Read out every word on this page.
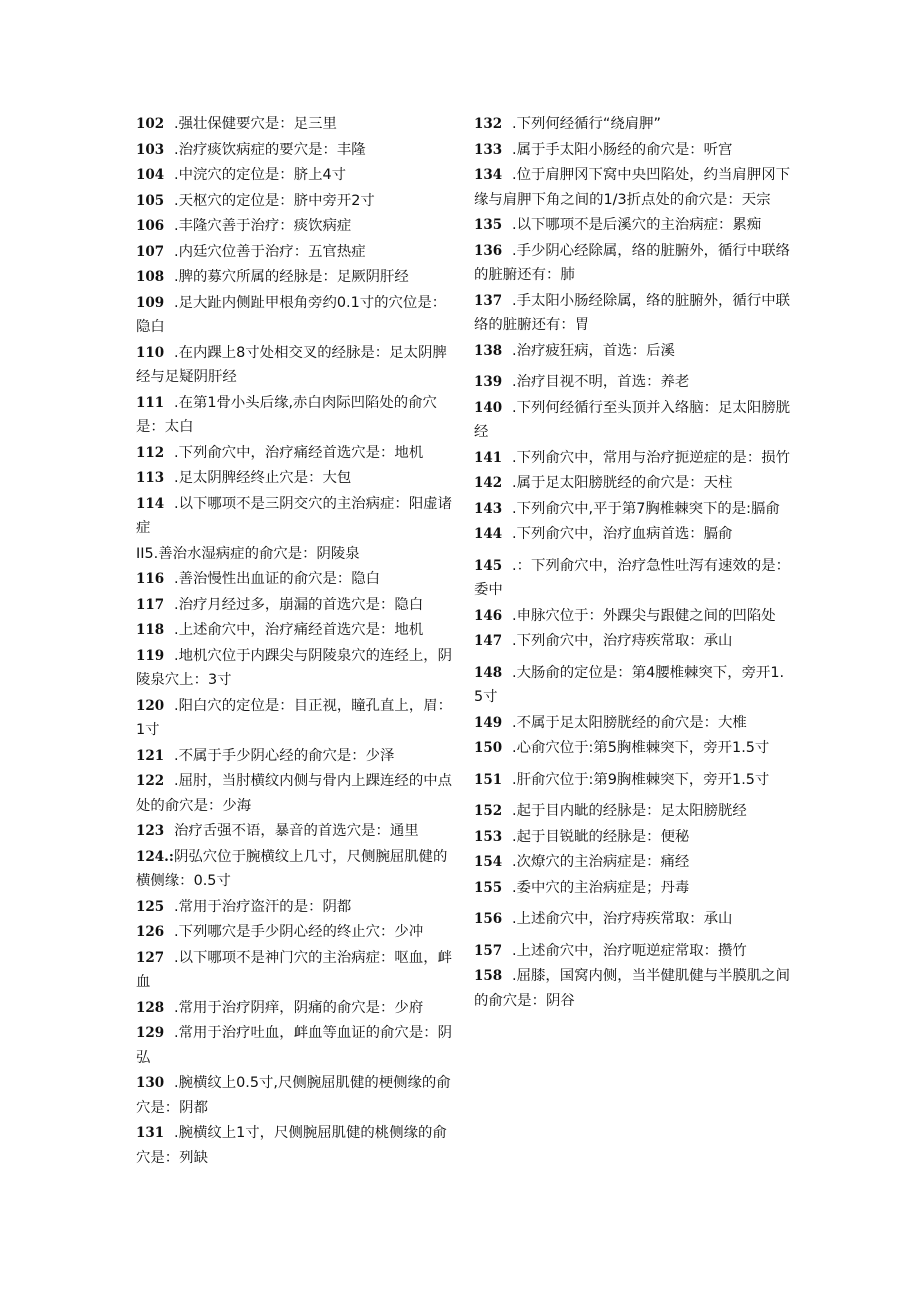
102 .强壮保健要穴是：足三里
103 .治疗痰饮病症的要穴是：丰隆
104 .中浣穴的定位是：脐上4寸
105 .天枢穴的定位是：脐中旁开2寸
106 .丰隆穴善于治疗：痰饮病症
107 .内廷穴位善于治疗：五官热症
108 .脾的募穴所属的经脉是：足厥阴肝经
109 .足大趾内侧趾甲根角旁约0.1寸的穴位是：隐白
110 .在内踝上8寸处相交叉的经脉是：足太阴脾经与足疑阴肝经
111 .在第1骨小头后缘,赤白肉际凹陷处的俞穴是：太白
112 .下列俞穴中，治疗痛经首选穴是：地机
113 .足太阴脾经终止穴是：大包
114 .以下哪项不是三阴交穴的主治病症：阳虚诸症
II5.善治水湿病症的俞穴是：阴陵泉
116 .善治慢性出血证的俞穴是：隐白
117 .治疗月经过多，崩漏的首选穴是：隐白
118 .上述俞穴中，治疗痛经首选穴是：地机
119 .地机穴位于内踝尖与阴陵泉穴的连经上，阴陵泉穴上：3寸
120 .阳白穴的定位是：目正视，瞳孔直上，眉：1寸
121 .不属于手少阴心经的俞穴是：少泽
122 .屈肘，当肘横纹内侧与骨内上踝连经的中点处的俞穴是：少海
123 治疗舌强不语，暴音的首选穴是：通里
124.:阴弘穴位于腕横纹上几寸，尺侧腕屈肌健的横侧缘：0.5寸
125 .常用于治疗盗汗的是：阴都
126 .下列哪穴是手少阴心经的终止穴：少冲
127 .以下哪项不是神门穴的主治病症：呕血，衅血
128 .常用于治疗阴痒，阴痛的俞穴是：少府
129 .常用于治疗吐血，衅血等血证的俞穴是：阴弘
130 .腕横纹上0.5寸,尺侧腕屈肌健的梗侧缘的俞穴是：阴都
131 .腕横纹上1寸，尺侧腕屈肌健的桃侧缘的俞穴是：列缺
132 .下列何经循行“绕肩胛”
133 .属于手太阳小肠经的俞穴是：听宫
134 .位于肩胛冈下窝中央凹陷处，约当肩胛冈下缘与肩胛下角之间的1/3折点处的俞穴是：天宗
135 .以下哪项不是后溪穴的主治病症：累痴
136 .手少阴心经除属，络的脏腑外，循行中联络的脏腑还有：肺
137 .手太阳小肠经除属，络的脏腑外，循行中联络的脏腑还有：胃
138 .治疗疲狂病，首选：后溪
139 .治疗目视不明，首选：养老
140 .下列何经循行至头顶并入络脑：足太阳膀胱经
141 .下列俞穴中，常用与治疗扼逆症的是：损竹
142 .属于足太阳膀胱经的俞穴是：天柱
143 .下列俞穴中,平于第7胸椎棘突下的是:膈俞
144 .下列俞穴中，治疗血病首选：膈俞
145 .：下列俞穴中，治疗急性吐泻有速效的是：委中
146 .申脉穴位于：外踝尖与跟健之间的凹陷处
147 .下列俞穴中，治疗痔疾常取：承山
148 .大肠俞的定位是：第4腰椎棘突下，旁开1.5寸
149 .不属于足太阳膀胱经的俞穴是：大椎
150 .心俞穴位于:第5胸椎棘突下，旁开1.5寸
151 .肝俞穴位于:第9胸椎棘突下，旁开1.5寸
152 .起于目内眦的经脉是：足太阳膀胱经
153 .起于目锐眦的经脉是：便秘
154 .次燎穴的主治病症是：痛经
155 .委中穴的主治病症是；丹毒
156 .上述俞穴中，治疗痔疾常取：承山
157 .上述俞穴中，治疗呃逆症常取：攒竹
158 .屈膝，国窝内侧，当半健肌健与半膜肌之间的俞穴是：阴谷
